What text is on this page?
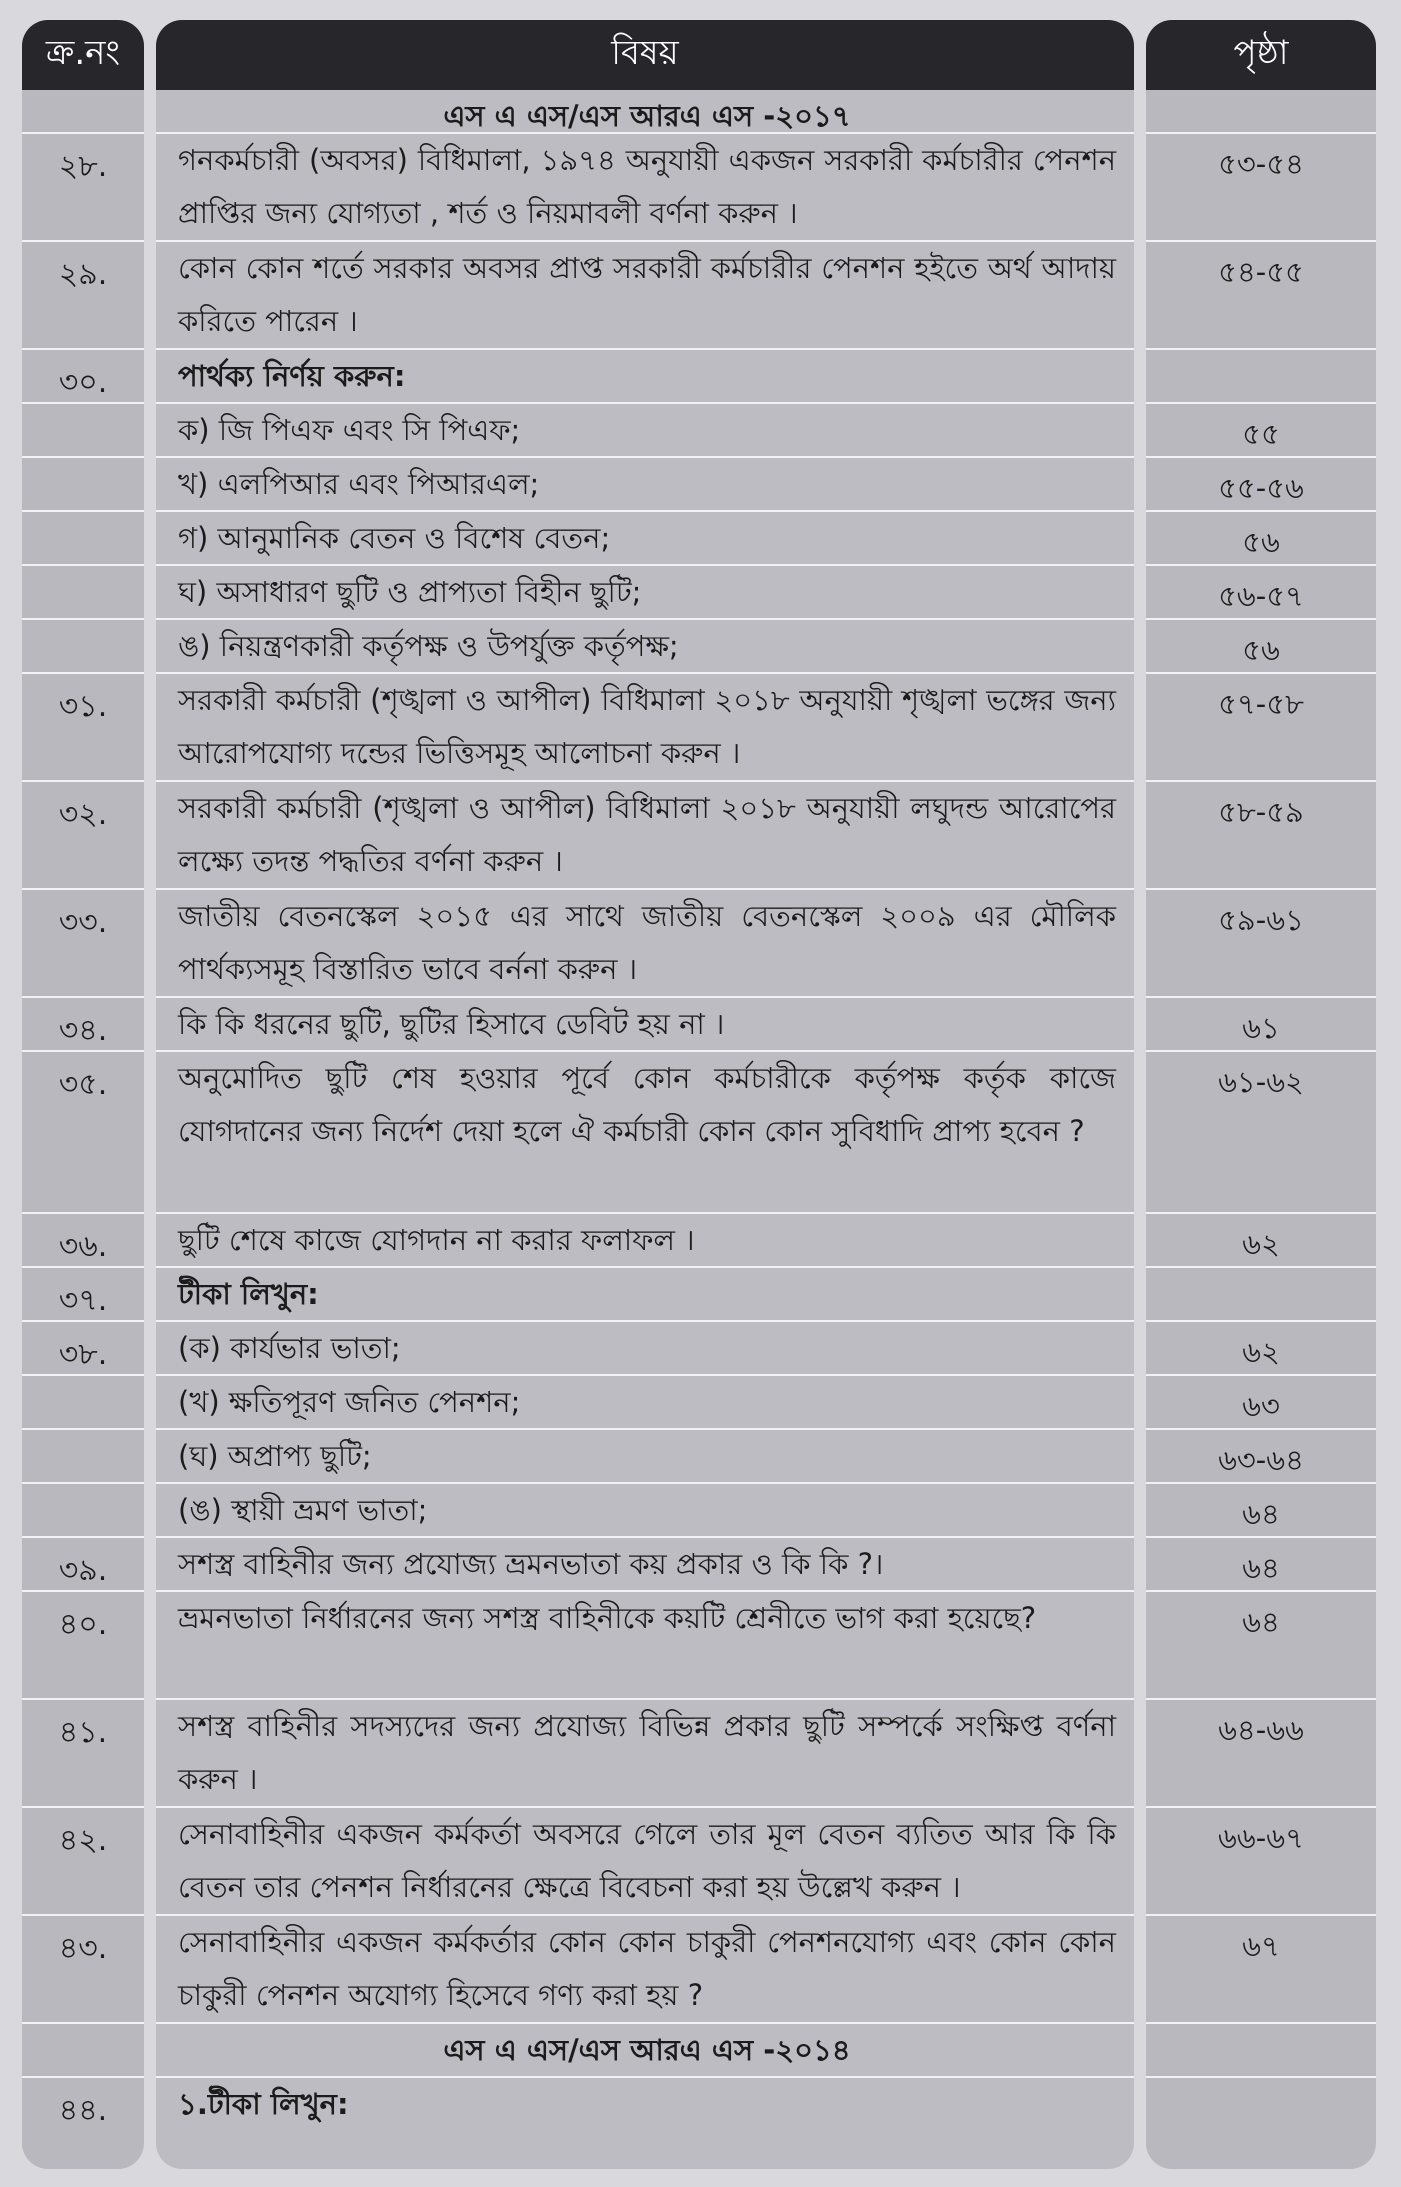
ক্র.নং
২৮.
২৯.
৩০.
৩১.
৩২.
৩৩.
৩৪.
৩৫.
৩৬.
৩৭.
৩৮.
৩৯.
৪০.
৪১.
৪২.
৪৩.
৪৪.
বিষয়
এস এ এস/এস আরএ এস -২০১৭
গনকর্মচারী (অবসর) বিধিমালা, ১৯৭৪ অনুযায়ী একজন সরকারী কর্মচারীর পেনশন প্রাপ্তির জন্য যোগ্যতা , শর্ত ও নিয়মাবলী বর্ণনা করুন ।
কোন কোন শর্তে সরকার অবসর প্রাপ্ত সরকারী কর্মচারীর পেনশন হইতে অর্থ আদায় করিতে পারেন ।
পার্থক্য নির্ণয় করুন:
ক) জি পিএফ এবং সি পিএফ;
খ) এলপিআর এবং পিআরএল;
গ) আনুমানিক বেতন ও বিশেষ বেতন;
ঘ) অসাধারণ ছুটি ও প্রাপ্যতা বিহীন ছুটি;
ঙ) নিয়ন্ত্রণকারী কর্তৃপক্ষ ও উপর্যুক্ত কর্তৃপক্ষ;
সরকারী কর্মচারী (শৃঙ্খলা ও আপীল) বিধিমালা ২০১৮ অনুযায়ী শৃঙ্খলা ভঙ্গের জন্য আরোপযোগ্য দন্ডের ভিত্তিসমূহ আলোচনা করুন ।
সরকারী কর্মচারী (শৃঙ্খলা ও আপীল) বিধিমালা ২০১৮ অনুযায়ী লঘুদন্ড আরোপের লক্ষ্যে তদন্ত পদ্ধতির বর্ণনা করুন ।
জাতীয় বেতনস্কেল ২০১৫ এর সাথে জাতীয় বেতনস্কেল ২০০৯ এর মৌলিক পার্থক্যসমূহ বিস্তারিত ভাবে বর্ননা করুন ।
কি কি ধরনের ছুটি, ছুটির হিসাবে ডেবিট হয় না ।
অনুমোদিত ছুটি শেষ হওয়ার পূর্বে কোন কর্মচারীকে কর্তৃপক্ষ কর্তৃক কাজে যোগদানের জন্য নির্দেশ দেয়া হলে ঐ কর্মচারী কোন কোন সুবিধাদি প্রাপ্য হবেন ?
ছুটি শেষে কাজে যোগদান না করার ফলাফল ।
টীকা লিখুন:
(ক) কার্যভার ভাতা;
(খ) ক্ষতিপূরণ জনিত পেনশন;
(ঘ) অপ্রাপ্য ছুটি;
(ঙ) স্থায়ী ভ্রমণ ভাতা;
সশস্ত্র বাহিনীর জন্য প্রযোজ্য ভ্রমনভাতা কয় প্রকার ও কি কি ?।
ভ্রমনভাতা নির্ধারনের জন্য সশস্ত্র বাহিনীকে কয়টি শ্রেনীতে ভাগ করা হয়েছে?
সশস্ত্র বাহিনীর সদস্যদের জন্য প্রযোজ্য বিভিন্ন প্রকার ছুটি সম্পর্কে সংক্ষিপ্ত বর্ণনা করুন ।
সেনাবাহিনীর একজন কর্মকর্তা অবসরে গেলে তার মূল বেতন ব্যতিত আর কি কি বেতন তার পেনশন নির্ধারনের ক্ষেত্রে বিবেচনা করা হয় উল্লেখ করুন ।
সেনাবাহিনীর একজন কর্মকর্তার কোন কোন চাকুরী পেনশনযোগ্য এবং কোন কোন চাকুরী পেনশন অযোগ্য হিসেবে গণ্য করা হয় ?
এস এ এস/এস আরএ এস -২০১৪
১.টীকা লিখুন:
পৃষ্ঠা
৫৩-৫৪
৫৪-৫৫
৫৫
৫৫-৫৬
৫৬
৫৬-৫৭
৫৬
৫৭-৫৮
৫৮-৫৯
৫৯-৬১
৬১
৬১-৬২
৬২
৬২
৬৩
৬৩-৬৪
৬৪
৬৪
৬৪
৬৪-৬৬
৬৬-৬৭
৬৭
